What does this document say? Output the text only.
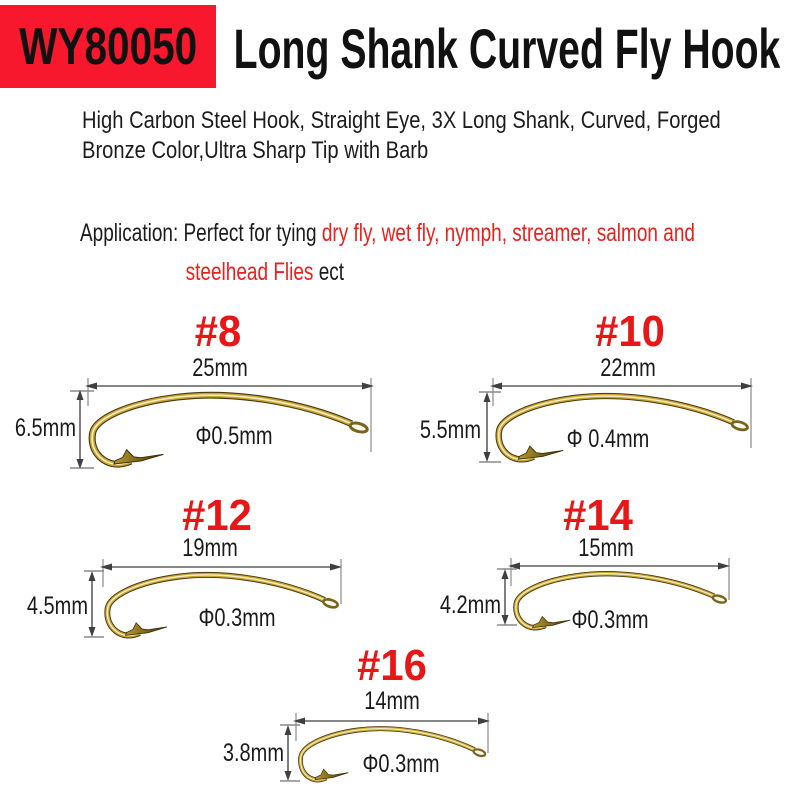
WY80050 Long Shank Curved Fly Hook
High Carbon Steel Hook, Straight Eye, 3X Long Shank, Curved, Forged
Bronze Color,Ultra Sharp Tip with Barb
Application: Perfect for tying dry fly, wet fly, nymph, streamer, salmon and
steelhead Flies ect
#8
25mm
6.5mm	Φ0.5mm
#10
22mm
5.5mm	Φ 0.4mm
#12
19mm
4.5mm	Φ0.3mm
#14
15mm
4.2mm
Φ0.3mm
#16
14mm
3.8mm	Φ0.3mm
